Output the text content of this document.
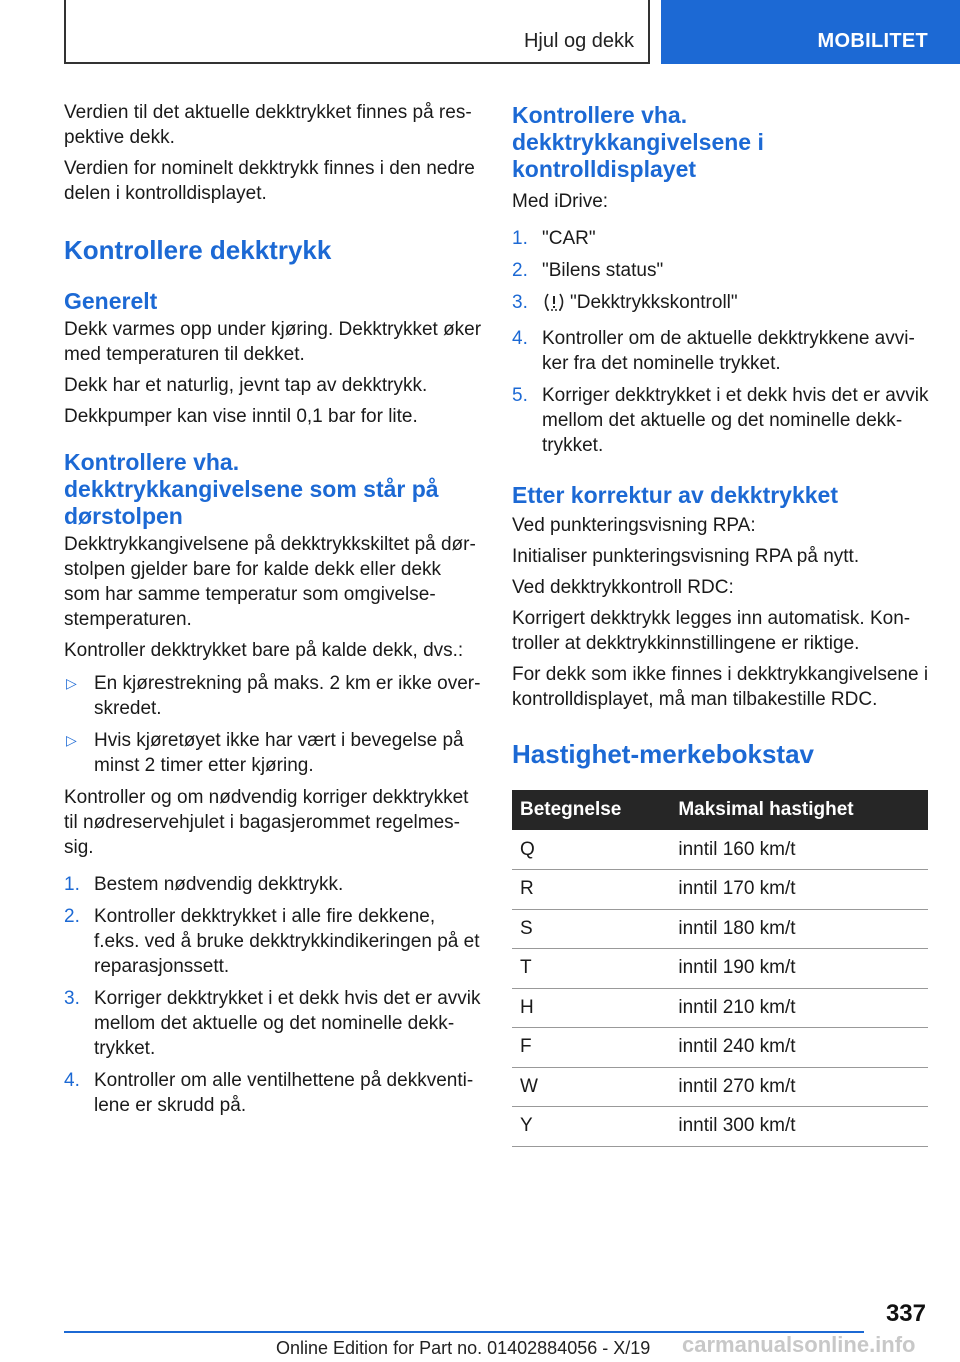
Hjul og dekk	MOBILITET

Verdien til det aktuelle dekktrykket finnes på respektive dekk.

Verdien for nominelt dekktrykk finnes i den nedre delen i kontrolldisplayet.

Kontrollere dekktrykk
Generelt

Dekk varmes opp under kjøring. Dekktrykket øker med temperaturen til dekket.

Dekk har et naturlig, jevnt tap av dekktrykk.

Dekkpumper kan vise inntil 0,1 bar for lite.

Kontrollere vha. dekktrykkangivelsene som står på dørstolpen

Dekktrykkangivelsene på dekktrykkskiltet på dørstolpen gjelder bare for kalde dekk eller dekk som har samme temperatur som omgivelsestemperaturen.

Kontroller dekktrykket bare på kalde dekk, dvs.:

▷ En kjørestrekning på maks. 2 km er ikke overskredet.
▷ Hvis kjøretøyet ikke har vært i bevegelse på minst 2 timer etter kjøring.

Kontroller og om nødvendig korriger dekktrykket til nødreservehjulet i bagasjerommet regelmessig.

1. Bestem nødvendig dekktrykk.
2. Kontroller dekktrykket i alle fire dekkene, f.eks. ved å bruke dekktrykkindikeringen på et reparasjonssett.
3. Korriger dekktrykket i et dekk hvis det er avvik mellom det aktuelle og det nominelle dekktrykket.
4. Kontroller om alle ventilhettene på dekkventilene er skrudd på.
Kontrollere vha. dekktrykkangivelsene i kontrolldisplayet

Med iDrive:

1. "CAR"
2. "Bilens status"
3. "Dekktrykkskontroll"
4. Kontroller om de aktuelle dekktrykkene avviker fra det nominelle trykket.
5. Korriger dekktrykket i et dekk hvis det er avvik mellom det aktuelle og det nominelle dekktrykket.
Etter korrektur av dekktrykket

Ved punkteringsvisning RPA:

Initialiser punkteringsvisning RPA på nytt.

Ved dekktrykkontroll RDC:

Korrigert dekktrykk legges inn automatisk. Kontroller at dekktrykkinnstillingene er riktige.

For dekk som ikke finnes i dekktrykkangivelsene i kontrolldisplayet, må man tilbakestille RDC.

Hastighet-merkebokstav
Betegnelse	Maksimal hastighet
Q	inntil 160 km/t
R	inntil 170 km/t
S	inntil 180 km/t
T	inntil 190 km/t
H	inntil 210 km/t
F	inntil 240 km/t
W	inntil 270 km/t
Y	inntil 300 km/t
337
Online Edition for Part no. 01402884056 - X/19 carmanualsonline.info
